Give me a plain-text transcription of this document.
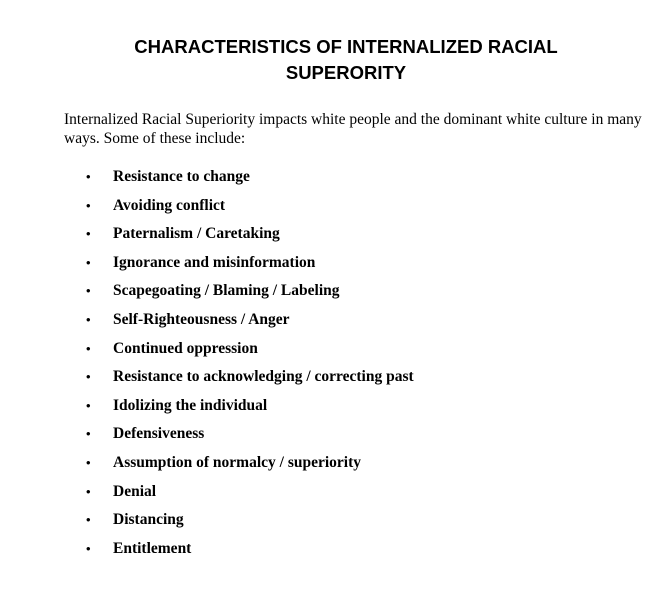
CHARACTERISTICS OF INTERNALIZED RACIAL
SUPERORITY

Internalized Racial Superiority impacts white people and the dominant white culture in many ways. Some of these include:

•	Resistance to change
•	Avoiding conflict
•	Paternalism / Caretaking
•	Ignorance and misinformation
•	Scapegoating / Blaming / Labeling
•	Self-Righteousness / Anger
•	Continued oppression
•	Resistance to acknowledging / correcting past
•	Idolizing the individual
•	Defensiveness
•	Assumption of normalcy / superiority
•	Denial
•	Distancing
•	Entitlement
